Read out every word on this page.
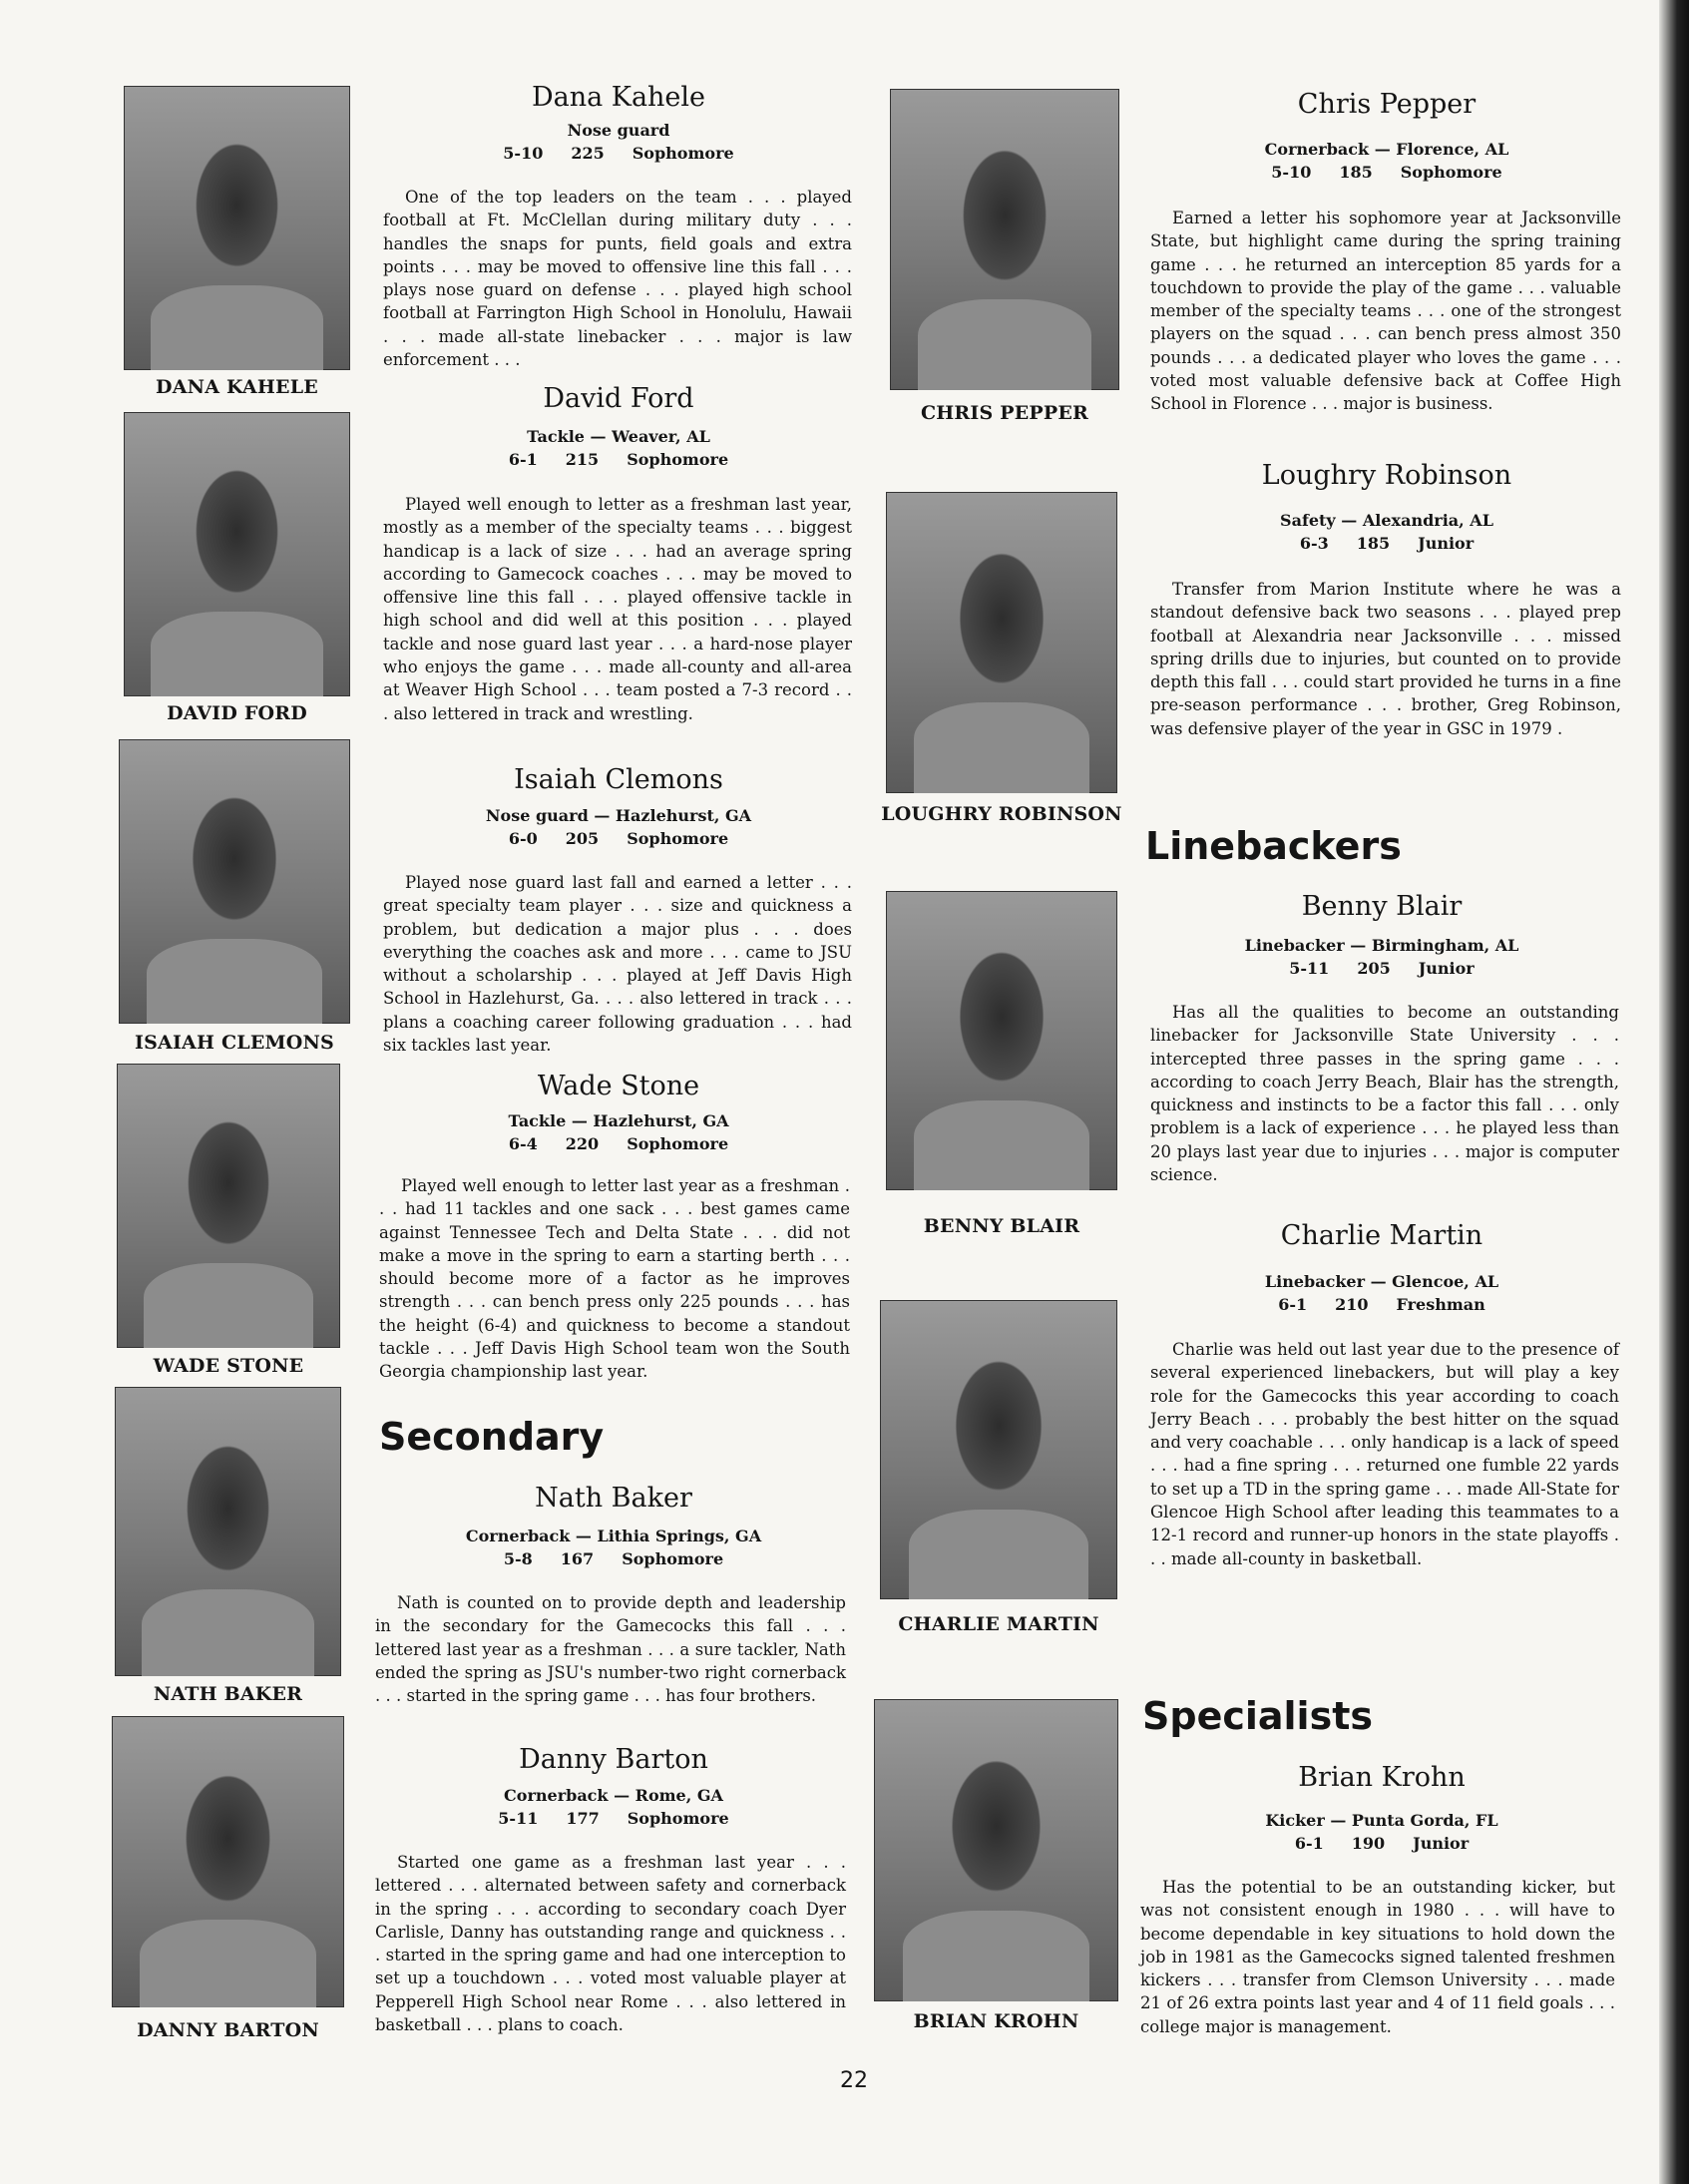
DANA KAHELE
DAVID FORD
ISAIAH CLEMONS
WADE STONE
NATH BAKER
DANNY BARTON
Dana Kahele
Nose guard
5-10 225 Sophomore
One of the top leaders on the team . . . played football at Ft. McClellan during military duty . . . handles the snaps for punts, field goals and extra points . . . may be moved to offensive line this fall . . . plays nose guard on defense . . . played high school football at Farrington High School in Honolulu, Hawaii . . . made all-state linebacker . . . major is law enforcement . . .
David Ford
Tackle — Weaver, AL
6-1 215 Sophomore
Played well enough to letter as a freshman last year, mostly as a member of the specialty teams . . . biggest handicap is a lack of size . . . had an average spring according to Gamecock coaches . . . may be moved to offensive line this fall . . . played offensive tackle in high school and did well at this position . . . played tackle and nose guard last year . . . a hard-nose player who enjoys the game . . . made all-county and all-area at Weaver High School . . . team posted a 7-3 record . . . also lettered in track and wrestling.
Isaiah Clemons
Nose guard — Hazlehurst, GA
6-0 205 Sophomore
Played nose guard last fall and earned a letter . . . great specialty team player . . . size and quickness a problem, but dedication a major plus . . . does everything the coaches ask and more . . . came to JSU without a scholarship . . . played at Jeff Davis High School in Hazlehurst, Ga. . . . also lettered in track . . . plans a coaching career following graduation . . . had six tackles last year.
Wade Stone
Tackle — Hazlehurst, GA
6-4 220 Sophomore
Played well enough to letter last year as a freshman . . . had 11 tackles and one sack . . . best games came against Tennessee Tech and Delta State . . . did not make a move in the spring to earn a starting berth . . . should become more of a factor as he improves strength . . . can bench press only 225 pounds . . . has the height (6-4) and quickness to become a standout tackle . . . Jeff Davis High School team won the South Georgia championship last year.
Secondary
Nath Baker
Cornerback — Lithia Springs, GA
5-8 167 Sophomore
Nath is counted on to provide depth and leadership in the secondary for the Gamecocks this fall . . . lettered last year as a freshman . . . a sure tackler, Nath ended the spring as JSU's number-two right cornerback . . . started in the spring game . . . has four brothers.
Danny Barton
Cornerback — Rome, GA
5-11 177 Sophomore
Started one game as a freshman last year . . . lettered . . . alternated between safety and cornerback in the spring . . . according to secondary coach Dyer Carlisle, Danny has outstanding range and quickness . . . started in the spring game and had one interception to set up a touchdown . . . voted most valuable player at Pepperell High School near Rome . . . also lettered in basketball . . . plans to coach.
CHRIS PEPPER
LOUGHRY ROBINSON
BENNY BLAIR
CHARLIE MARTIN
BRIAN KROHN
Chris Pepper
Cornerback — Florence, AL
5-10 185 Sophomore
Earned a letter his sophomore year at Jacksonville State, but highlight came during the spring training game . . . he returned an interception 85 yards for a touchdown to provide the play of the game . . . valuable member of the specialty teams . . . one of the strongest players on the squad . . . can bench press almost 350 pounds . . . a dedicated player who loves the game . . . voted most valuable defensive back at Coffee High School in Florence . . . major is business.
Loughry Robinson
Safety — Alexandria, AL
6-3 185 Junior
Transfer from Marion Institute where he was a standout defensive back two seasons . . . played prep football at Alexandria near Jacksonville . . . missed spring drills due to injuries, but counted on to provide depth this fall . . . could start provided he turns in a fine pre-season performance . . . brother, Greg Robinson, was defensive player of the year in GSC in 1979 .
Linebackers
Benny Blair
Linebacker — Birmingham, AL
5-11 205 Junior
Has all the qualities to become an outstanding linebacker for Jacksonville State University . . . intercepted three passes in the spring game . . . according to coach Jerry Beach, Blair has the strength, quickness and instincts to be a factor this fall . . . only problem is a lack of experience . . . he played less than 20 plays last year due to injuries . . . major is computer science.
Charlie Martin
Linebacker — Glencoe, AL
6-1 210 Freshman
Charlie was held out last year due to the presence of several experienced linebackers, but will play a key role for the Gamecocks this year according to coach Jerry Beach . . . probably the best hitter on the squad and very coachable . . . only handicap is a lack of speed . . . had a fine spring . . . returned one fumble 22 yards to set up a TD in the spring game . . . made All-State for Glencoe High School after leading this teammates to a 12-1 record and runner-up honors in the state playoffs . . . made all-county in basketball.
Specialists
Brian Krohn
Kicker — Punta Gorda, FL
6-1 190 Junior
Has the potential to be an outstanding kicker, but was not consistent enough in 1980 . . . will have to become dependable in key situations to hold down the job in 1981 as the Gamecocks signed talented freshmen kickers . . . transfer from Clemson University . . . made 21 of 26 extra points last year and 4 of 11 field goals . . . college major is management.
22
